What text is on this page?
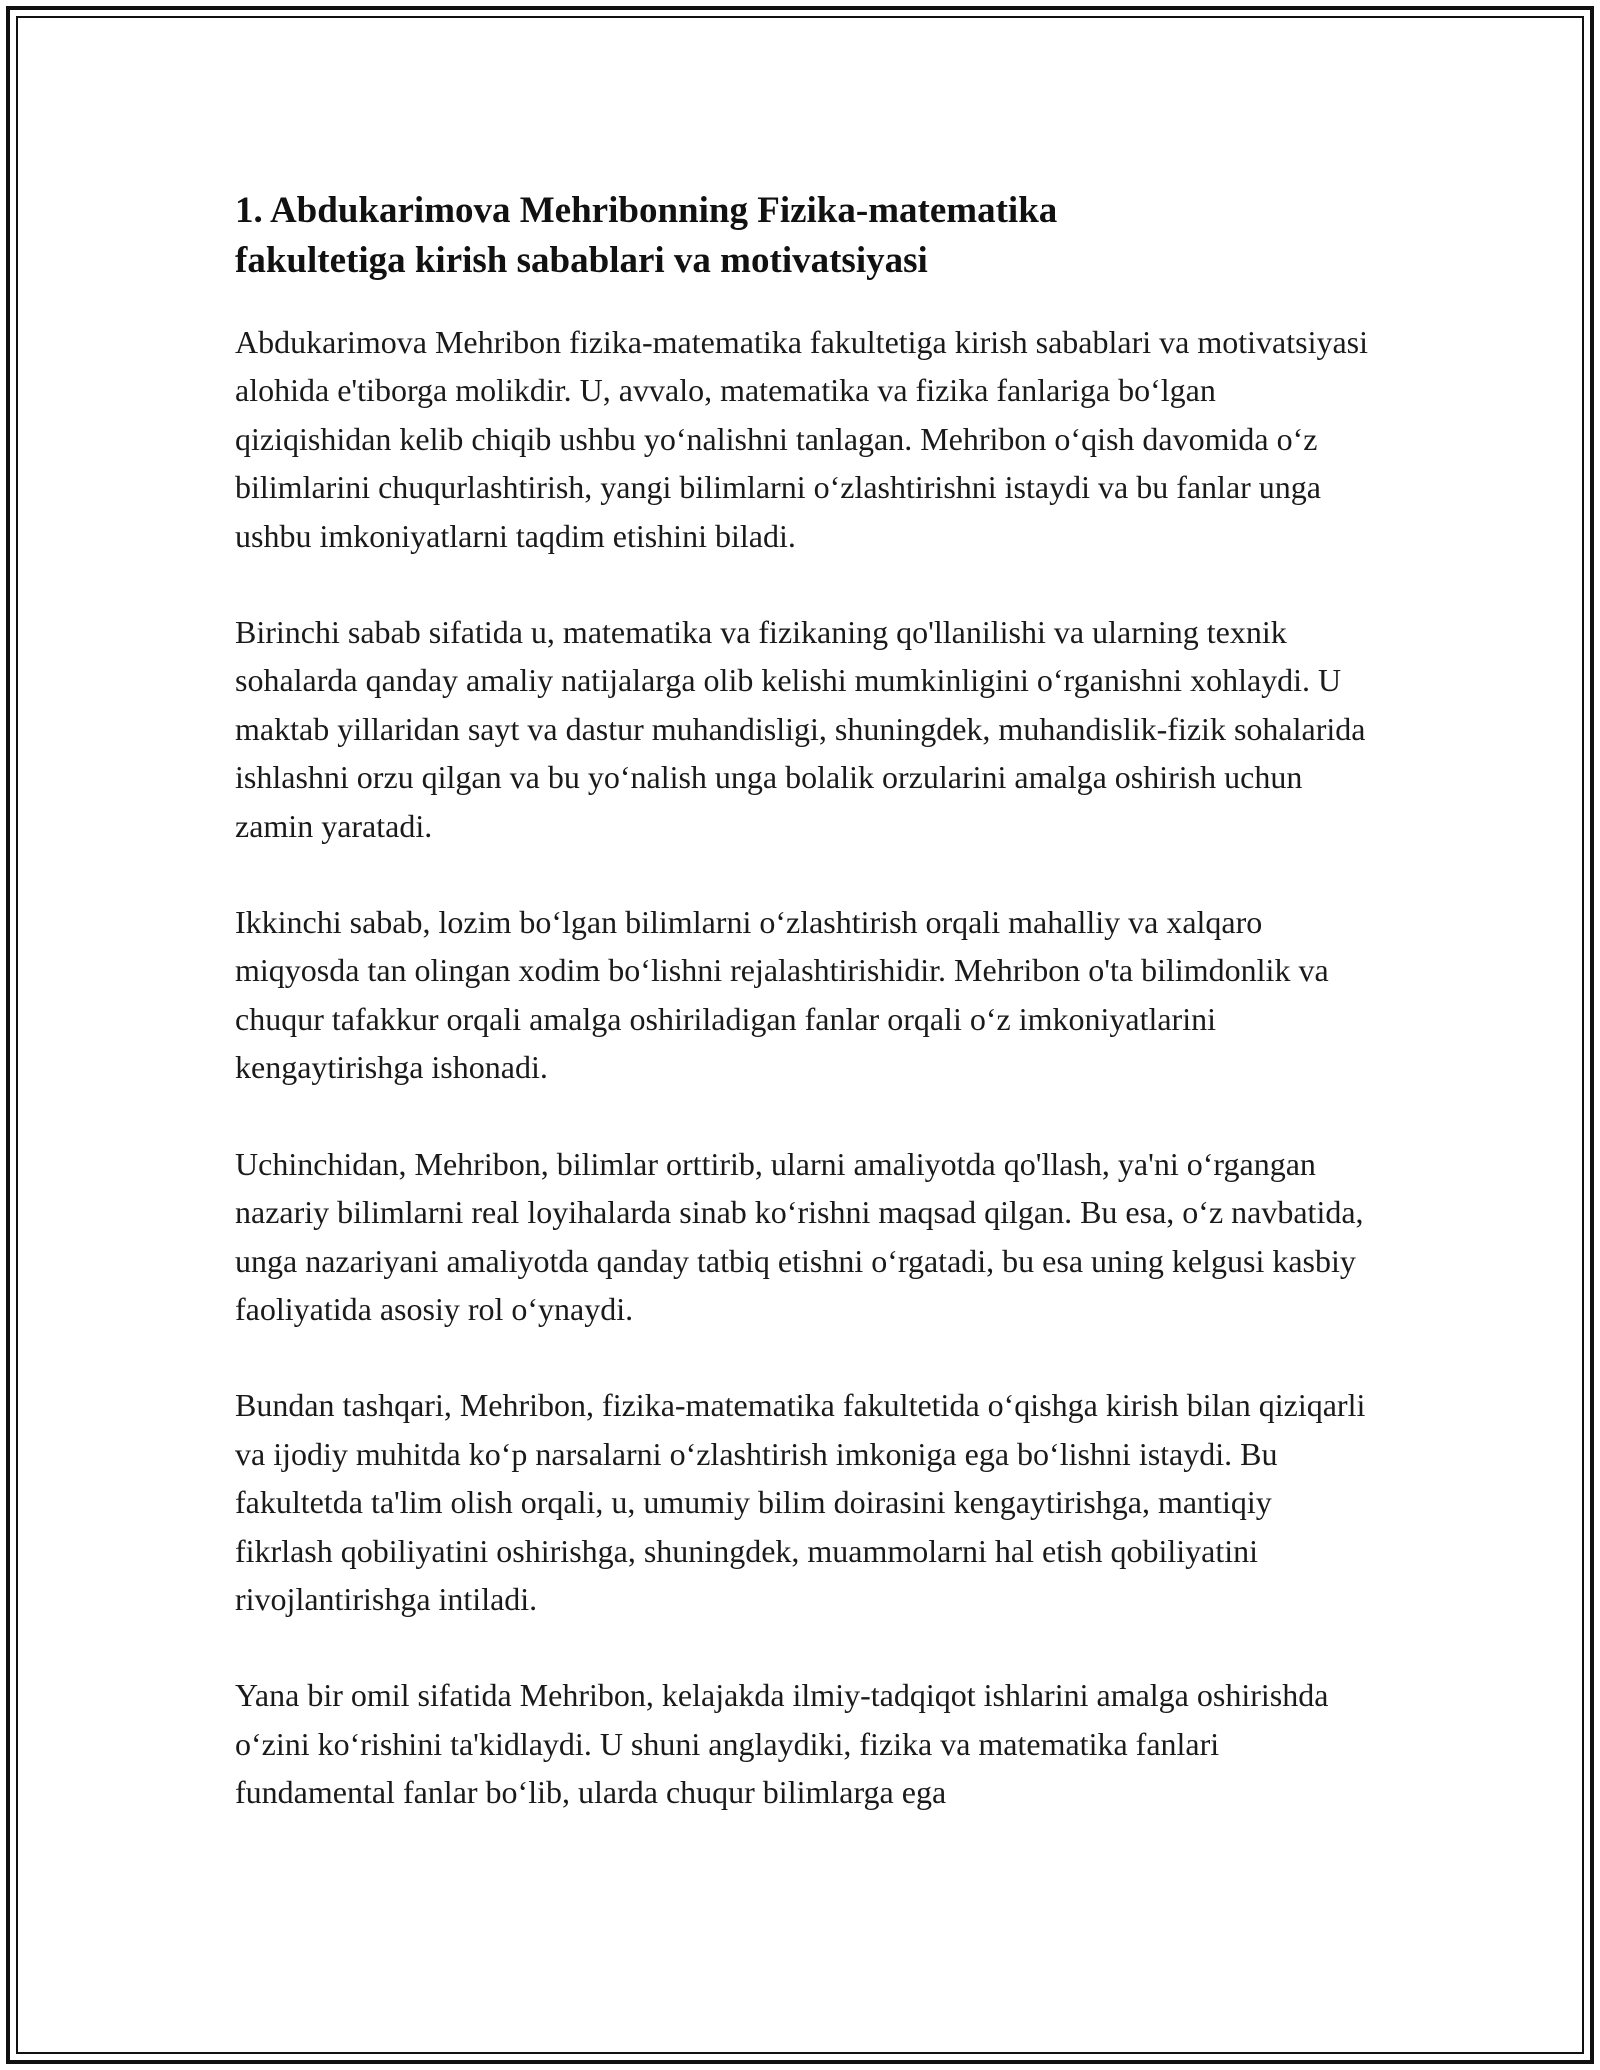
1. Abdukarimova Mehribonning Fizika-matematika
fakultetiga kirish sabablari va motivatsiyasi

Abdukarimova Mehribon fizika-matematika fakultetiga kirish sabablari va motivatsiyasi alohida e'tiborga molikdir. U, avvalo, matematika va fizika fanlariga bo‘lgan qiziqishidan kelib chiqib ushbu yo‘nalishni tanlagan. Mehribon o‘qish davomida o‘z bilimlarini chuqurlashtirish, yangi bilimlarni o‘zlashtirishni istaydi va bu fanlar unga ushbu imkoniyatlarni taqdim etishini biladi.

Birinchi sabab sifatida u, matematika va fizikaning qo'llanilishi va ularning texnik sohalarda qanday amaliy natijalarga olib kelishi mumkinligini o‘rganishni xohlaydi. U maktab yillaridan sayt va dastur muhandisligi, shuningdek, muhandislik-fizik sohalarida ishlashni orzu qilgan va bu yo‘nalish unga bolalik orzularini amalga oshirish uchun zamin yaratadi.

Ikkinchi sabab, lozim bo‘lgan bilimlarni o‘zlashtirish orqali mahalliy va xalqaro miqyosda tan olingan xodim bo‘lishni rejalashtirishidir. Mehribon o'ta bilimdonlik va chuqur tafakkur orqali amalga oshiriladigan fanlar orqali o‘z imkoniyatlarini kengaytirishga ishonadi.

Uchinchidan, Mehribon, bilimlar orttirib, ularni amaliyotda qo'llash, ya'ni o‘rgangan nazariy bilimlarni real loyihalarda sinab ko‘rishni maqsad qilgan. Bu esa, o‘z navbatida, unga nazariyani amaliyotda qanday tatbiq etishni o‘rgatadi, bu esa uning kelgusi kasbiy faoliyatida asosiy rol o‘ynaydi.

Bundan tashqari, Mehribon, fizika-matematika fakultetida o‘qishga kirish bilan qiziqarli va ijodiy muhitda ko‘p narsalarni o‘zlashtirish imkoniga ega bo‘lishni istaydi. Bu fakultetda ta'lim olish orqali, u, umumiy bilim doirasini kengaytirishga, mantiqiy fikrlash qobiliyatini oshirishga, shuningdek, muammolarni hal etish qobiliyatini rivojlantirishga intiladi.

Yana bir omil sifatida Mehribon, kelajakda ilmiy-tadqiqot ishlarini amalga oshirishda o‘zini ko‘rishini ta'kidlaydi. U shuni anglaydiki, fizika va matematika fanlari fundamental fanlar bo‘lib, ularda chuqur bilimlarga ega
